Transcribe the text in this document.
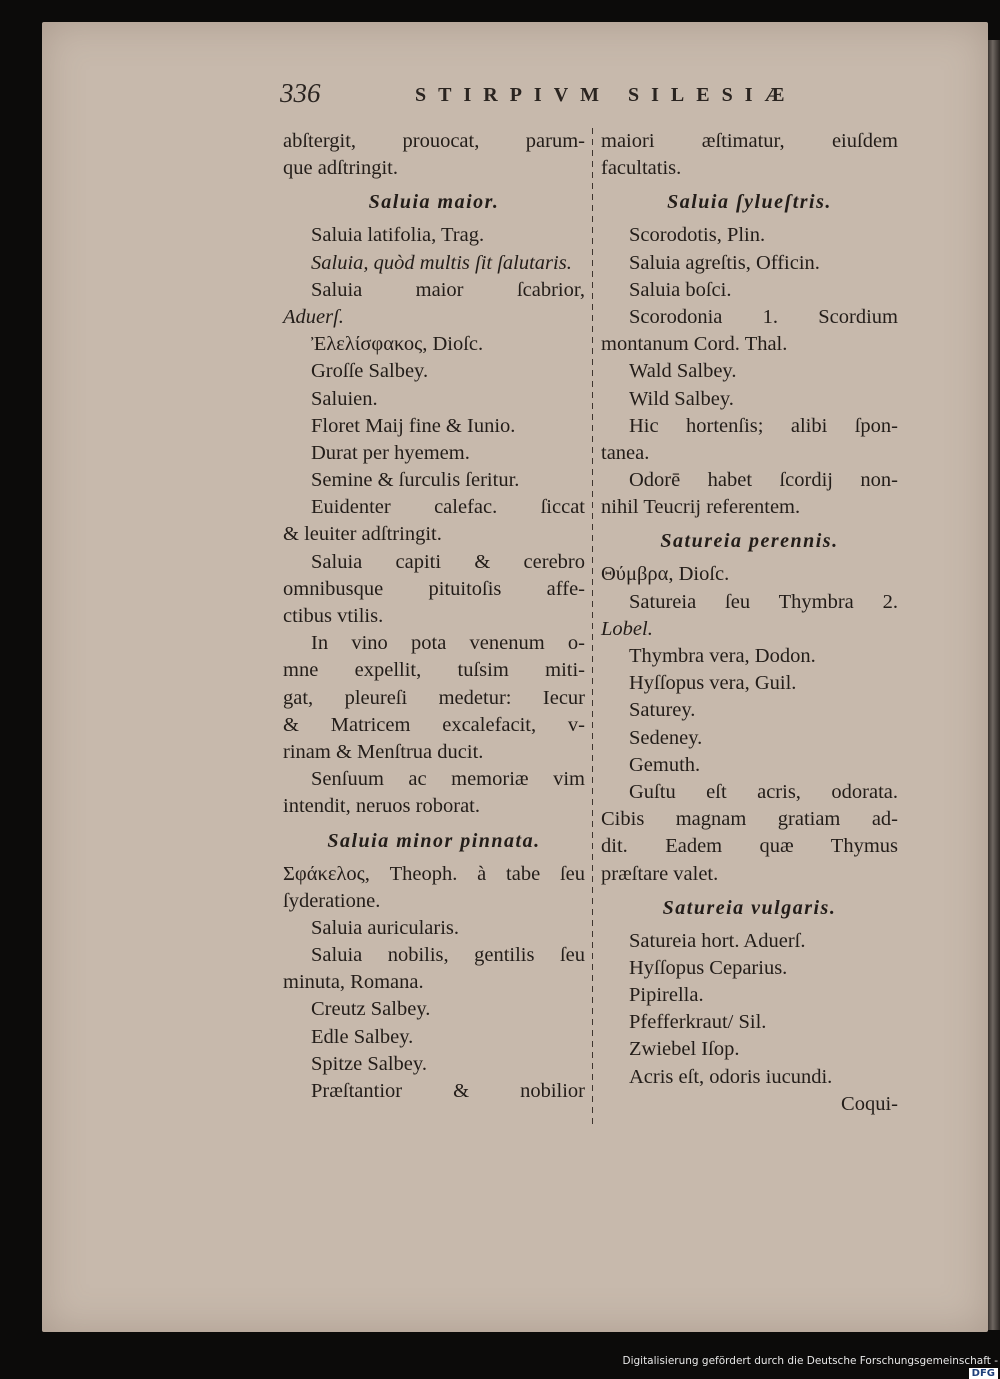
336	STIRPIVM SILESIÆ
abſtergit, prouocat, parum-
que adſtringit.
Saluia maior.
Saluia latifolia, Trag.
Saluia, quòd multis ſit ſalutaris.
Saluia maior ſcabrior,
Aduerſ.
Ἐλελίσφακος, Dioſc.
Groſſe Salbey.
Saluien.
Floret Maij fine & Iunio.
Durat per hyemem.
Semine & ſurculis ſeritur.
Euidenter calefac. ſiccat
& leuiter adſtringit.
Saluia capiti & cerebro
omnibusque pituitoſis affe-
ctibus vtilis.
In vino pota venenum o-
mne expellit, tuſsim miti-
gat, pleureſi medetur: Iecur
& Matricem excalefacit, v-
rinam & Menſtrua ducit.
Senſuum ac memoriæ vim
intendit, neruos roborat.
Saluia minor pinnata.
Σφάκελος, Theoph. à tabe ſeu
ſyderatione.
Saluia auricularis.
Saluia nobilis, gentilis ſeu
minuta, Romana.
Creutz Salbey.
Edle Salbey.
Spitze Salbey.
Præſtantior & nobilior
maiori æſtimatur, eiuſdem
facultatis.
Saluia ſylueſtris.
Scorodotis, Plin.
Saluia agreſtis, Officin.
Saluia boſci.
Scorodonia 1. Scordium
montanum Cord. Thal.
Wald Salbey.
Wild Salbey.
Hic hortenſis; alibi ſpon-
tanea.
Odorē habet ſcordij non-
nihil Teucrij referentem.
Satureia perennis.
Θύμβρα, Dioſc.
Satureia ſeu Thymbra 2.
Lobel.
Thymbra vera, Dodon.
Hyſſopus vera, Guil.
Saturey.
Sedeney.
Gemuth.
Guſtu eſt acris, odorata.
Cibis magnam gratiam ad-
dit. Eadem quæ Thymus
præſtare valet.
Satureia vulgaris.
Satureia hort. Aduerſ.
Hyſſopus Ceparius.
Pipirella.
Pfefferkraut/ Sil.
Zwiebel Iſop.
Acris eſt, odoris iucundi.
Coqui-
Digitalisierung gefördert durch die Deutsche Forschungsgemeinschaft -DFG
